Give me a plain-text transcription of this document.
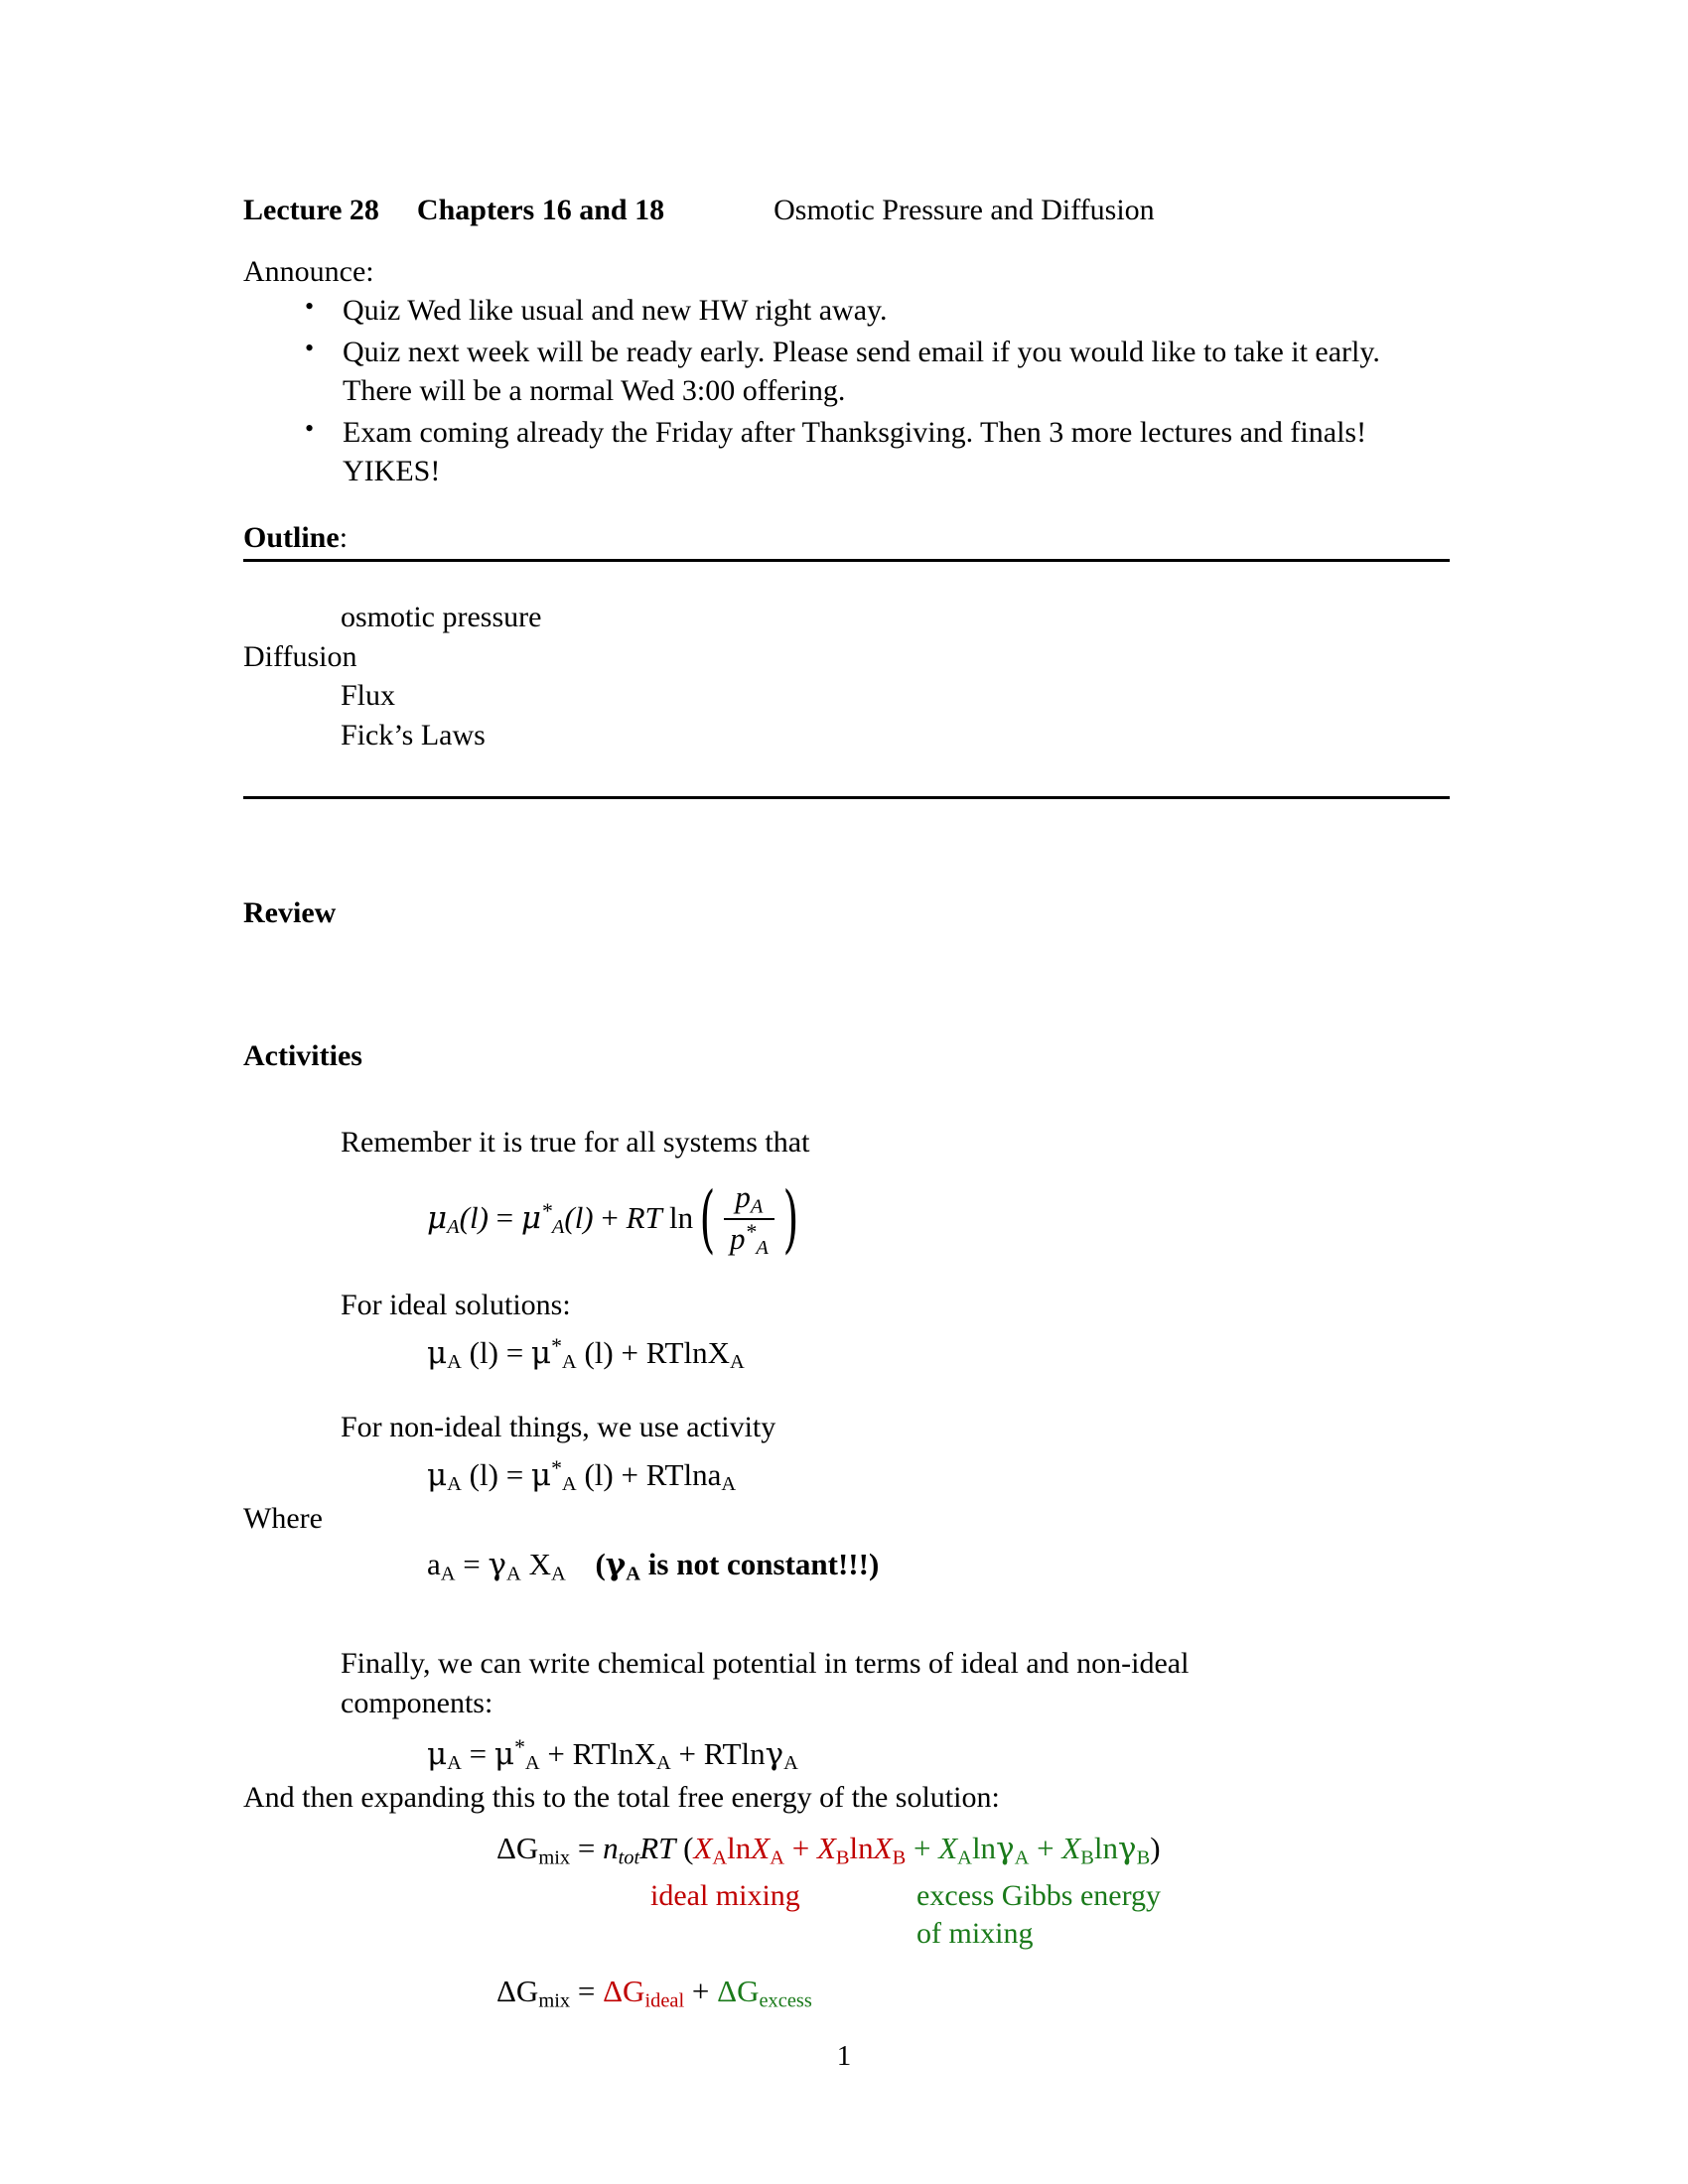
Lecture 28 Chapters 16 and 18	Osmotic Pressure and Diffusion
Announce:
• Quiz Wed like usual and new HW right away.
• Quiz next week will be ready early. Please send email if you would like to take it early. There will be a normal Wed 3:00 offering.
• Exam coming already the Friday after Thanksgiving. Then 3 more lectures and finals! YIKES!
Outline:
osmotic pressure
Diffusion
Flux
Fick’s Laws
Review
Activities
Remember it is true for all systems that
$\mu_A(l) = \mu^*_A(l)$ + RT $\ln( \frac{p_A}{p^*_A}$ )
For ideal solutions:
$\mu_A$ $(l) = \mu^*_A$ (l) + RTlnX$_A$
For non-ideal things, we use activity
$\mu_A$ $(l) = \mu^*_A$ (l) + RTlna$_A$
Where
$a_A = \gamma_A$ $X_A$ ($\gamma_A$ is not constant!!!)
Finally, we can write chemical potential in terms of ideal and non-ideal components:
$\mu_A = \mu^*_A + RTlnX_A + RTln\gamma_A$
And then expanding this to the total free energy of the solution:
$\Delta G_{mix} = n_{tot}RT$ $(X_A\ln X_A + X_B\ln X_B + X_A\ln\gamma_A + X_B\ln\gamma_B)$
ideal mixing	excess Gibbs energy
of mixing
$\Delta G_{mix} = \Delta G_{ideal} + \Delta G_{excess}$
1
